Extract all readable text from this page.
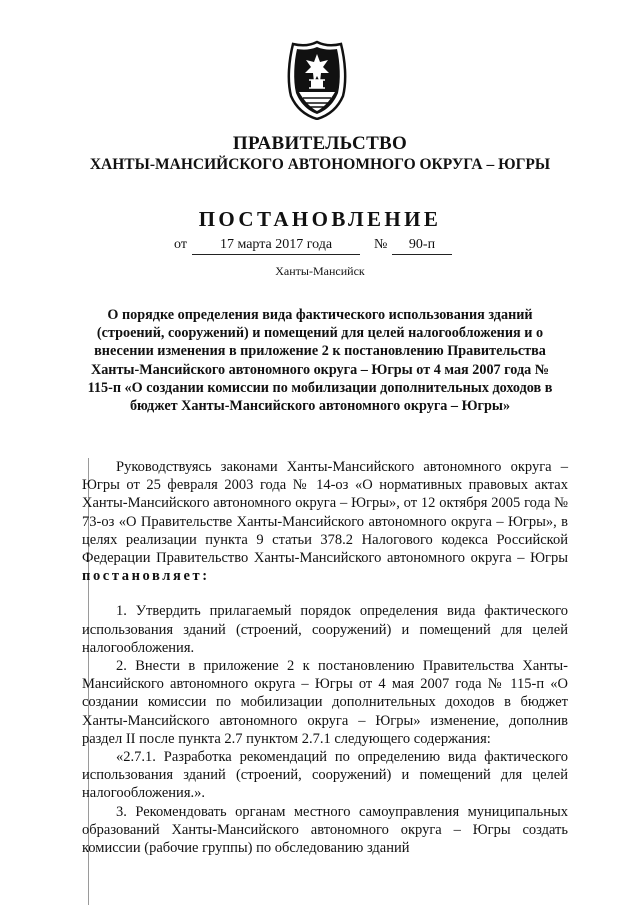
ПРАВИТЕЛЬСТВО
ХАНТЫ-МАНСИЙСКОГО АВТОНОМНОГО ОКРУГА – ЮГРЫ
ПОСТАНОВЛЕНИЕ
от	17 марта 2017 года	№	90-п
Ханты-Мансийск
О порядке определения вида фактического использования зданий (строений, сооружений) и помещений для целей налогообложения и о внесении изменения в приложение 2 к постановлению Правительства Ханты-Мансийского автономного округа – Югры от 4 мая 2007 года № 115-п «О создании комиссии по мобилизации дополнительных доходов в бюджет Ханты-Мансийского автономного округа – Югры»

Руководствуясь законами Ханты-Мансийского автономного округа – Югры от 25 февраля 2003 года № 14-оз «О нормативных правовых актах Ханты-Мансийского автономного округа – Югры», от 12 октября 2005 года № 73-оз «О Правительстве Ханты-Мансийского автономного округа – Югры», в целях реализации пункта 9 статьи 378.2 Налогового кодекса Российской Федерации Правительство Ханты-Мансийского автономного округа – Югры постановляет:

1. Утвердить прилагаемый порядок определения вида фактического использования зданий (строений, сооружений) и помещений для целей налогообложения.

2. Внести в приложение 2 к постановлению Правительства Ханты-Мансийского автономного округа – Югры от 4 мая 2007 года № 115-п «О создании комиссии по мобилизации дополнительных доходов в бюджет Ханты-Мансийского автономного округа – Югры» изменение, дополнив раздел II после пункта 2.7 пунктом 2.7.1 следующего содержания:

«2.7.1. Разработка рекомендаций по определению вида фактического использования зданий (строений, сооружений) и помещений для целей налогообложения.».

3. Рекомендовать органам местного самоуправления муниципальных образований Ханты-Мансийского автономного округа – Югры создать комиссии (рабочие группы) по обследованию зданий
